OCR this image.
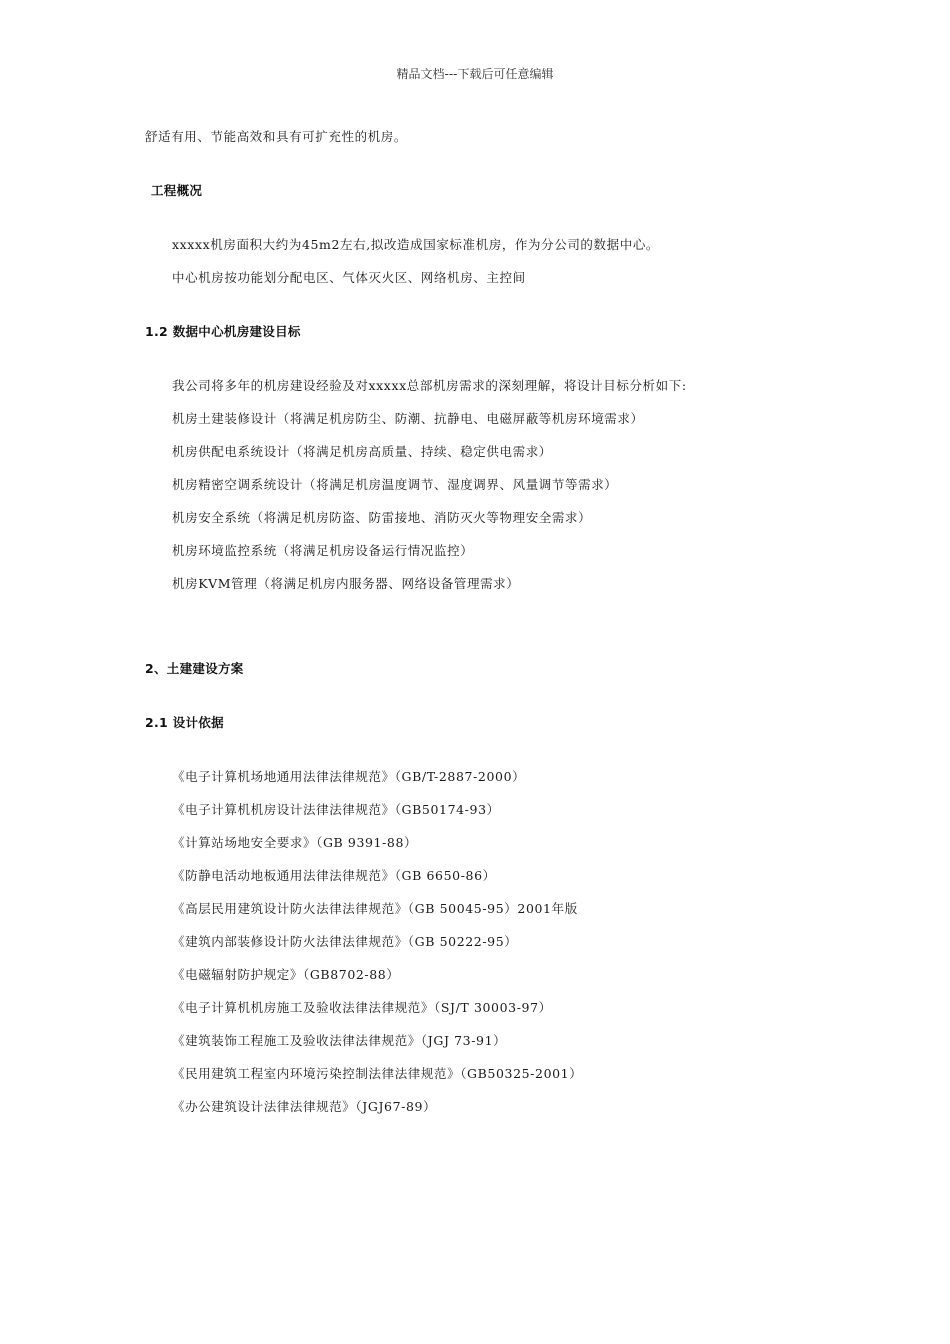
精品文档---下载后可任意编辑
舒适有用、节能高效和具有可扩充性的机房。
工程概况
xxxxx机房面积大约为45m2左右,拟改造成国家标准机房，作为分公司的数据中心。
中心机房按功能划分配电区、气体灭火区、网络机房、主控间
1.2 数据中心机房建设目标
我公司将多年的机房建设经验及对xxxxx总部机房需求的深刻理解，将设计目标分析如下:
机房土建装修设计（将满足机房防尘、防潮、抗静电、电磁屏蔽等机房环境需求）
机房供配电系统设计（将满足机房高质量、持续、稳定供电需求）
机房精密空调系统设计（将满足机房温度调节、湿度调界、风量调节等需求）
机房安全系统（将满足机房防盗、防雷接地、消防灭火等物理安全需求）
机房环境监控系统（将满足机房设备运行情况监控）
机房KVM管理（将满足机房内服务器、网络设备管理需求）
2、土建建设方案
2.1 设计依据
《电子计算机场地通用法律法律规范》（GB/T-2887-2000）
《电子计算机机房设计法律法律规范》（GB50174-93）
《计算站场地安全要求》（GB 9391-88）
《防静电活动地板通用法律法律规范》（GB 6650-86）
《高层民用建筑设计防火法律法律规范》（GB 50045-95）2001年版
《建筑内部装修设计防火法律法律规范》（GB 50222-95）
《电磁辐射防护规定》（GB8702-88）
《电子计算机机房施工及验收法律法律规范》（SJ/T 30003-97）
《建筑装饰工程施工及验收法律法律规范》（JGJ 73-91）
《民用建筑工程室内环境污染控制法律法律规范》（GB50325-2001）
《办公建筑设计法律法律规范》（JGJ67-89）
